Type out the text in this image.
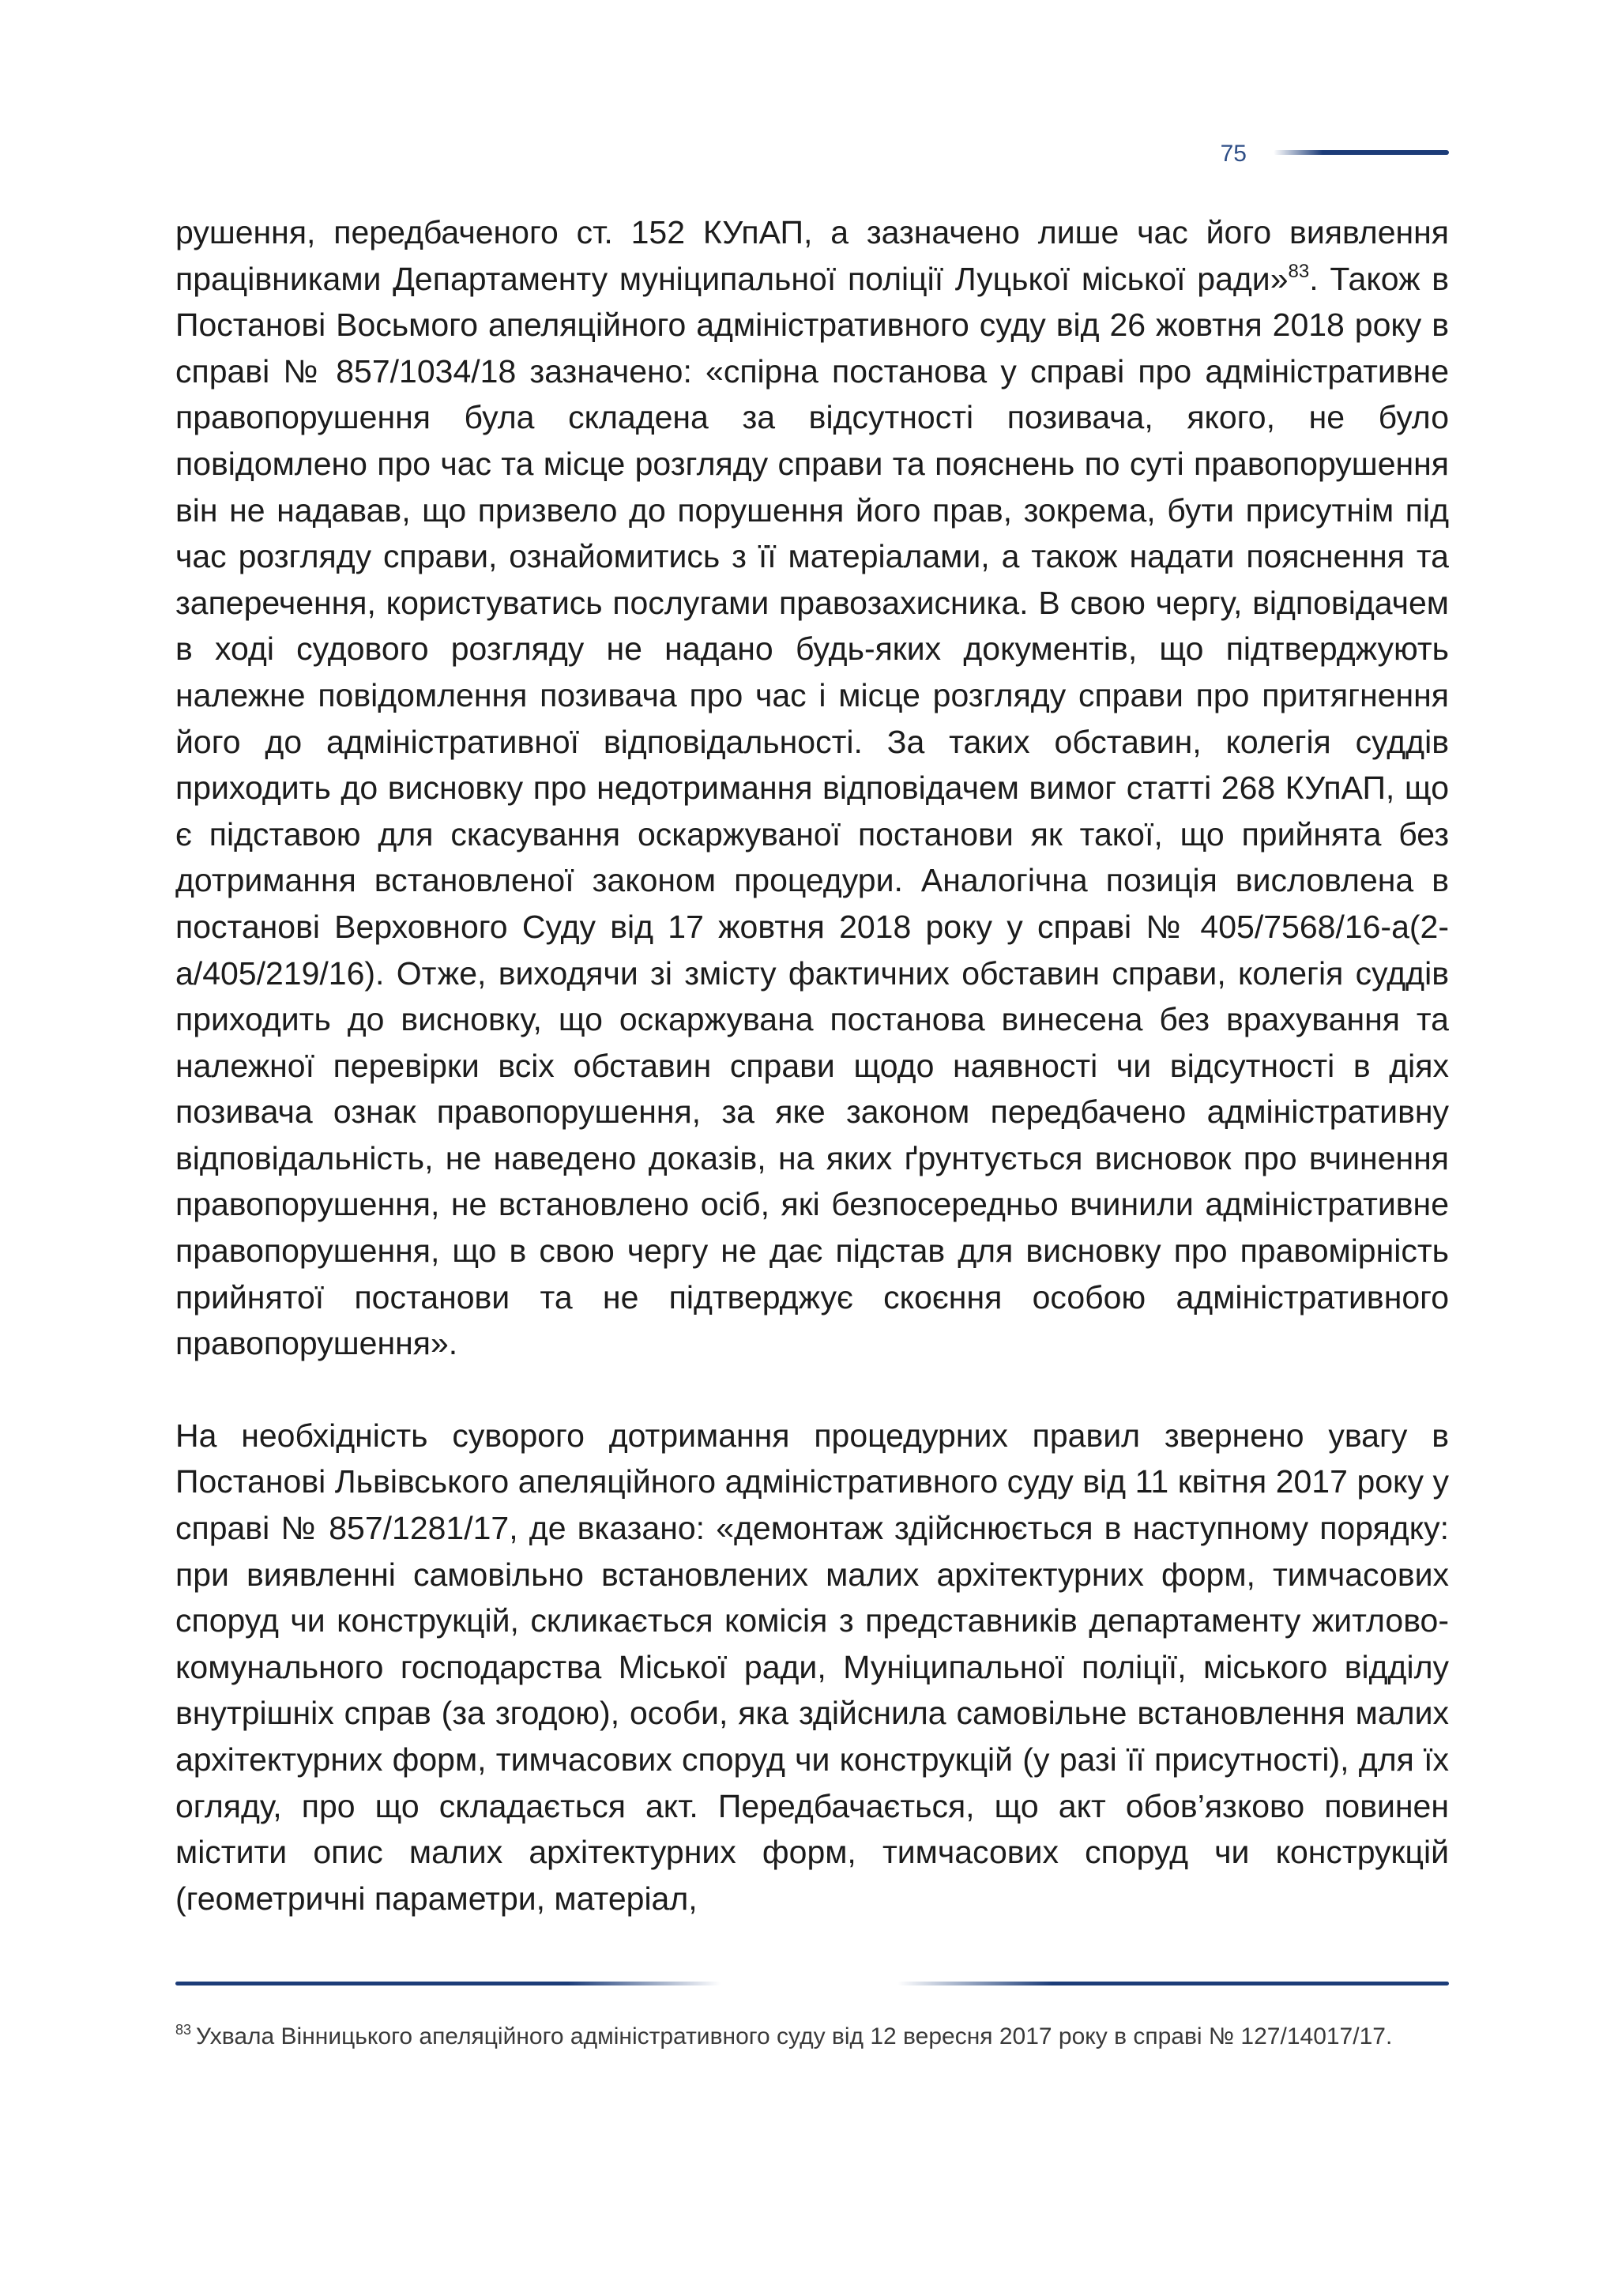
75

рушення, передбаченого ст. 152 КУпАП, а зазначено лише час його виявлення працівниками Департаменту муніципальної поліції Луцької міської ради»$^{83}$. Також в Постанові Восьмого апеляційного адміністративного суду від 26 жовтня 2018 року в справі № 857/1034/18 зазначено: «спірна постанова у справі про адміністративне правопорушення була складена за відсутності позивача, якого, не було повідомлено про час та місце розгляду справи та пояснень по суті правопорушення він не надавав, що призвело до порушення його прав, зокрема, бути присутнім під час розгляду справи, ознайомитись з її матеріалами, а також надати пояснення та заперечення, користуватись послугами правозахисника. В свою чергу, відповідачем в ході судового розгляду не надано будь-яких документів, що підтверджують належне повідомлення позивача про час і місце розгляду справи про притягнення його до адміністративної відповідальності. За таких обставин, колегія суддів приходить до висновку про недотримання відповідачем вимог статті 268 КУпАП, що є підставою для скасування оскаржуваної постанови як такої, що прийнята без дотримання встановленої законом процедури. Аналогічна позиція висловлена в постанові Верховного Суду від 17 жовтня 2018 року у справі № 405/7568/16-а(2-а/405/219/16). Отже, виходячи зі змісту фактичних обставин справи, колегія суддів приходить до висновку, що оскаржувана постанова винесена без врахування та належної перевірки всіх обставин справи щодо наявності чи відсутності в діях позивача ознак правопорушення, за яке законом передбачено адміністративну відповідальність, не наведено доказів, на яких ґрунтується висновок про вчинення правопорушення, не встановлено осіб, які безпосередньо вчинили адміністративне правопорушення, що в свою чергу не дає підстав для висновку про правомірність прийнятої постанови та не підтверджує скоєння особою адміністративного правопорушення».

На необхідність суворого дотримання процедурних правил звернено увагу в Постанові Львівського апеляційного адміністративного суду від 11 квітня 2017 року у справі № 857/1281/17, де вказано: «демонтаж здійснюється в наступному порядку: при виявленні самовільно встановлених малих архітектурних форм, тимчасових споруд чи конструкцій, скликається комісія з представників департаменту житлово-комунального господарства Міської ради, Муніципальної поліції, міського відділу внутрішніх справ (за згодою), особи, яка здійснила самовільне встановлення малих архітектурних форм, тимчасових споруд чи конструкцій (у разі її присутності), для їх огляду, про що складається акт. Передбачається, що акт обов’язково повинен містити опис малих архітектурних форм, тимчасових споруд чи конструкцій (геометричні параметри, матеріал,

$^{83}$ Ухвала Вінницького апеляційного адміністративного суду від 12 вересня 2017 року в справі № 127/14017/17.
